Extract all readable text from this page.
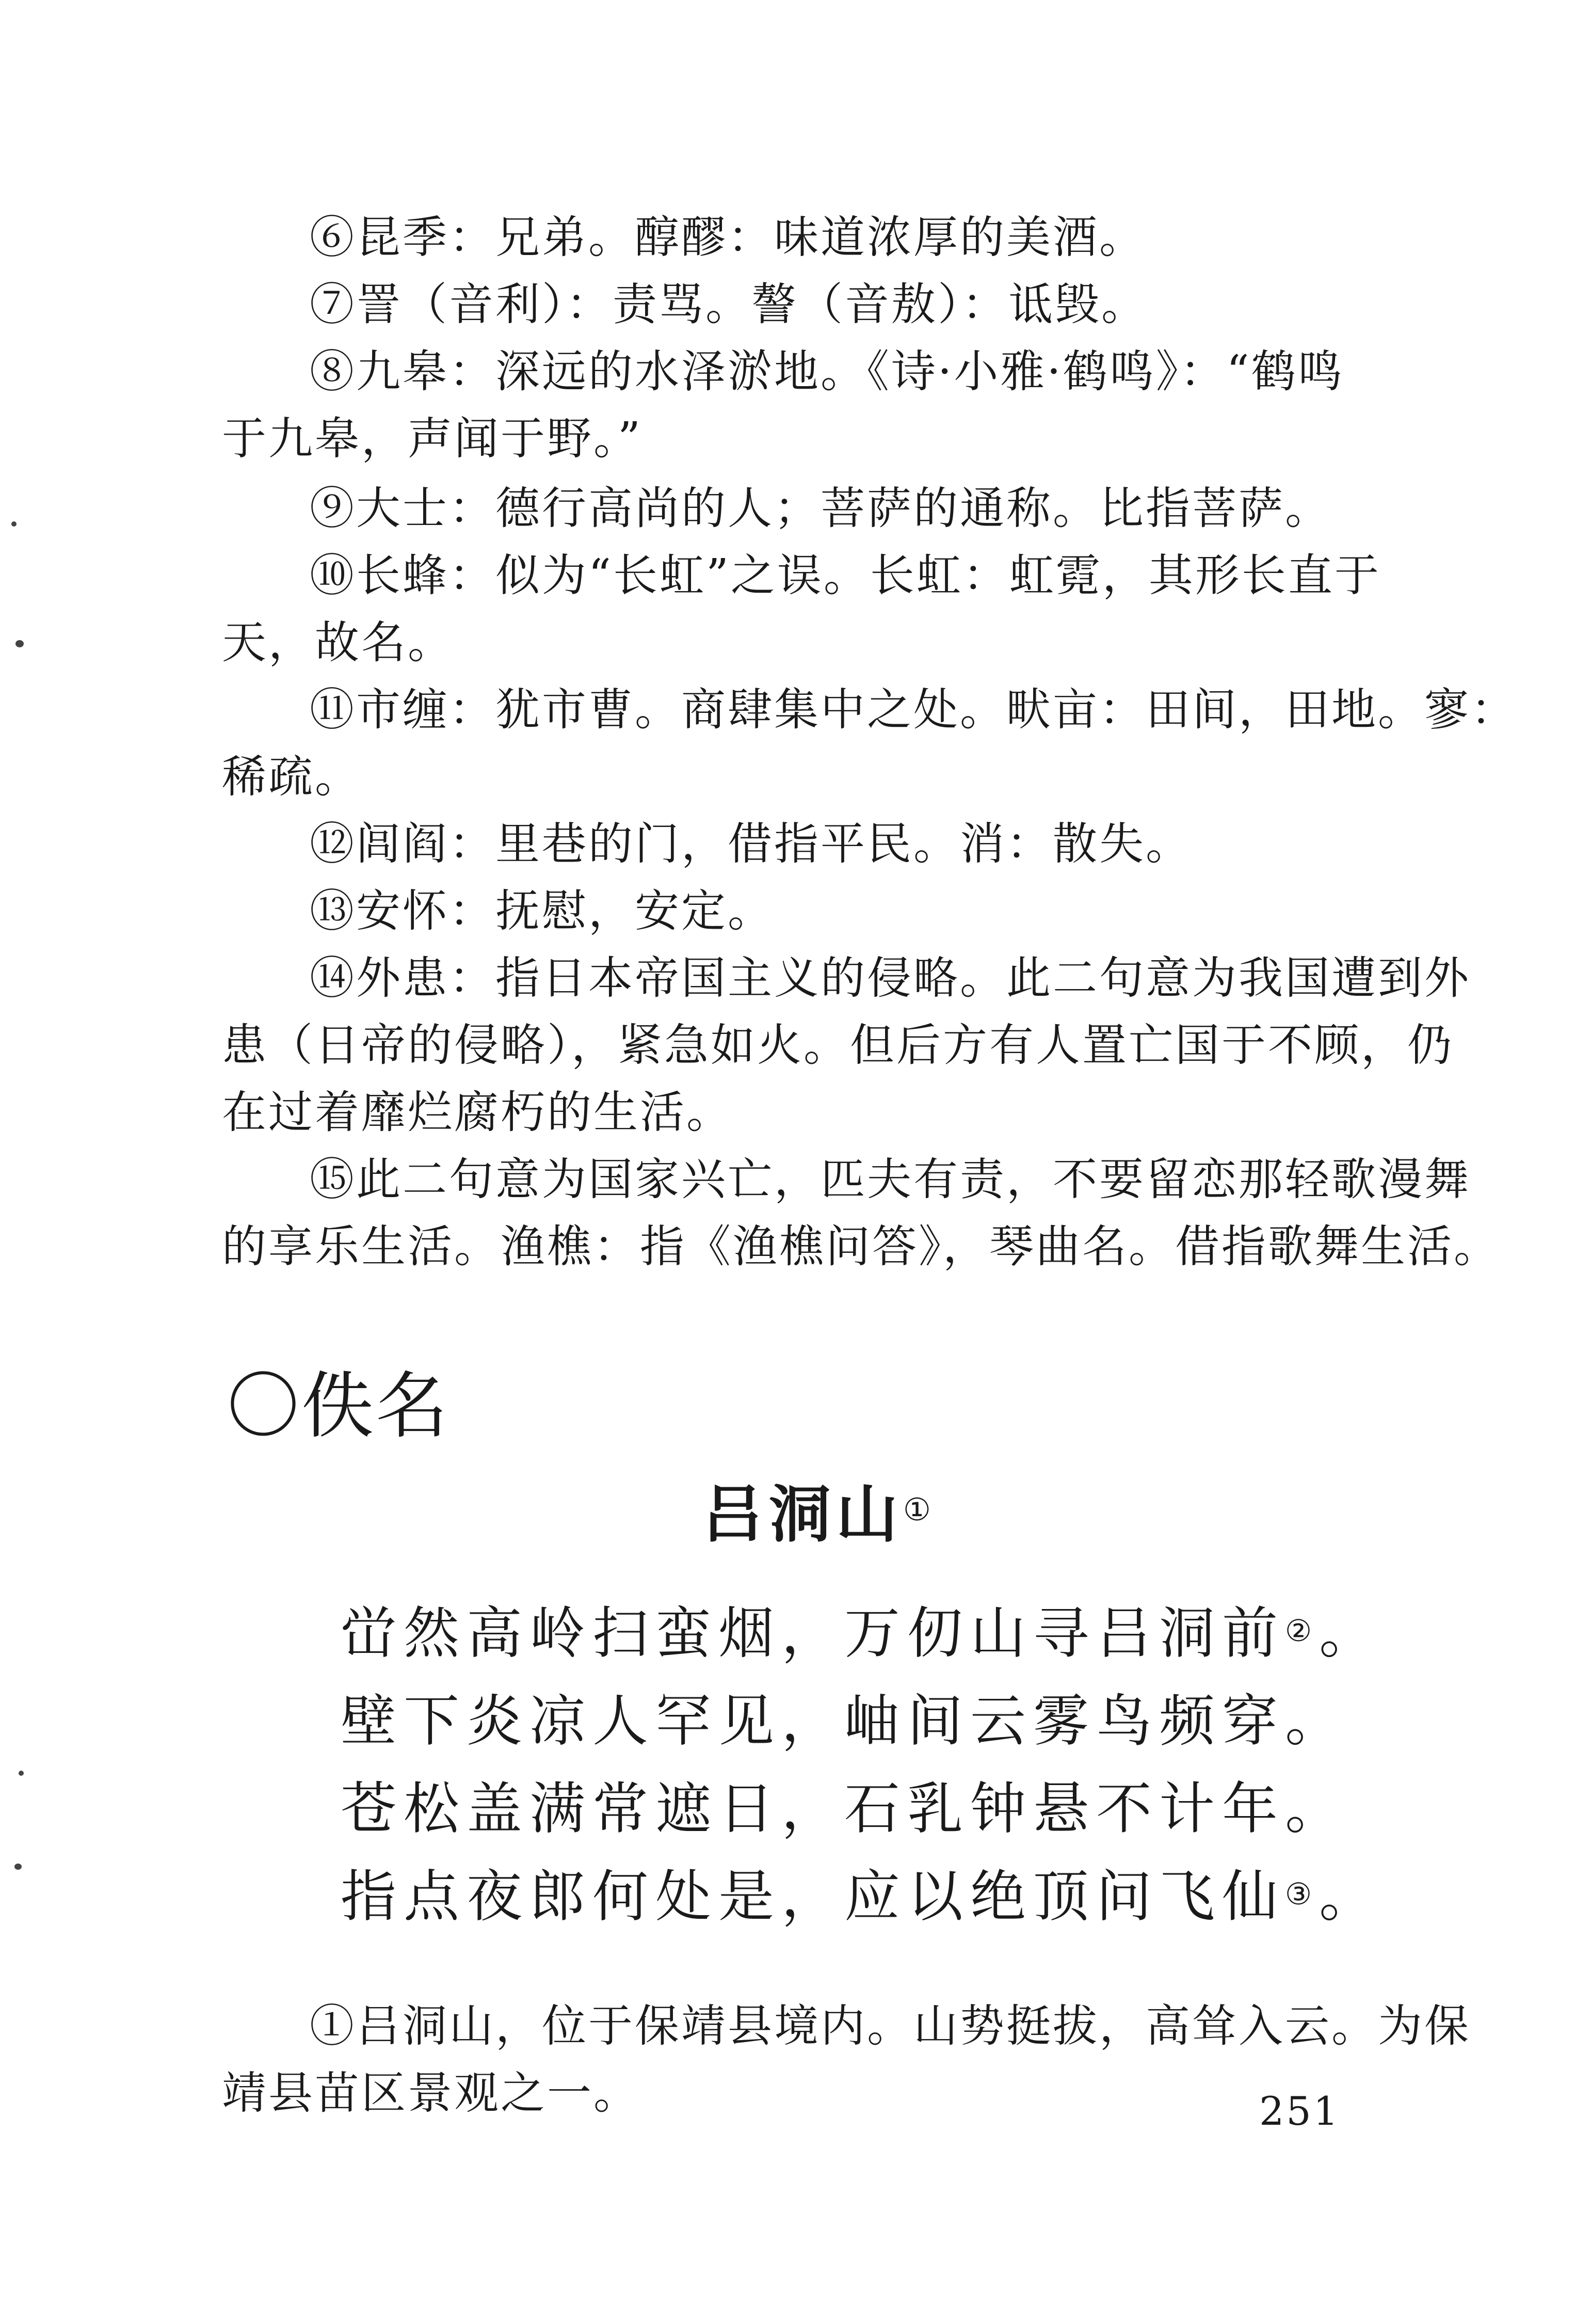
⑥昆季：兄弟。醇醪：味道浓厚的美酒。

⑦詈（音利）：责骂。謷（音敖）：诋毁。

⑧九皋：深远的水泽淤地。《诗·小雅·鹤鸣》：“鹤鸣
于九皋，声闻于野。”

⑨大士：德行高尚的人；菩萨的通称。比指菩萨。

⑩长蜂：似为“长虹”之误。长虹：虹霓，其形长直于
天，故名。
⑪市缠：犹市曹。商肆集中之处。畎亩：田间，田地。寥：
稀疏。

⑫闾阎：里巷的门，借指平民。消：散失。

⑬安怀：抚慰，安定。

⑭外患：指日本帝国主义的侵略。此二句意为我国遭到外
患（日帝的侵略），紧急如火。但后方有人置亡国于不顾，仍
在过着靡烂腐朽的生活。
⑮此二句意为国家兴亡，匹夫有责，不要留恋那轻歌漫舞
的享乐生活。渔樵：指《渔樵问答》，琴曲名。借指歌舞生活。
〇佚名
吕洞山①
峃然高岭扫蛮烟，万仞山寻吕洞前②。
壁下炎凉人罕见，岫间云雾鸟频穿。
苍松盖满常遮日，石乳钟悬不计年。
指点夜郎何处是，应以绝顶问飞仙③。
①吕洞山，位于保靖县境内。山势挺拔，高耸入云。为保
靖县苗区景观之一。	251
